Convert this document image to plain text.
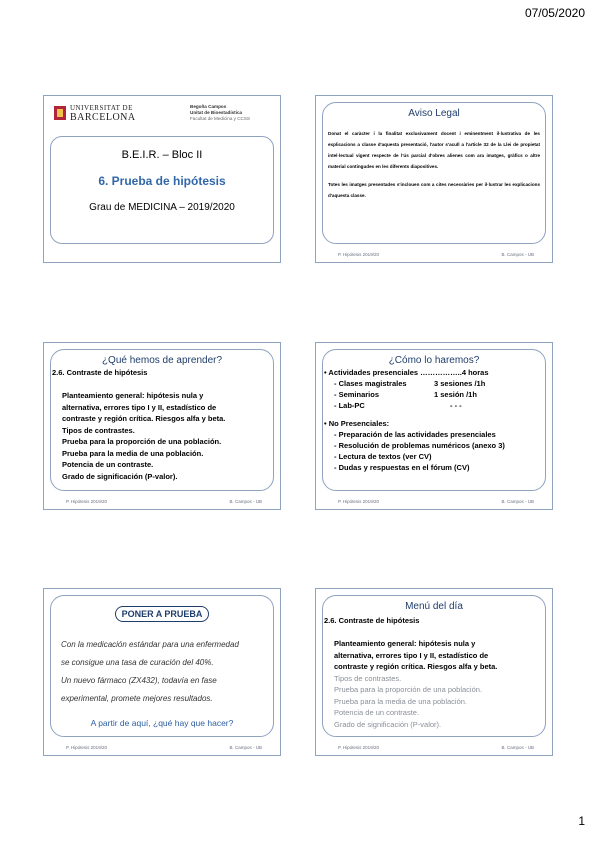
07/05/2020
UNIVERSITAT DE
BARCELONA
Begoña Campos
Unitat de Bioestadística
Facultat de Medicina y CCSS
B.E.I.R. – Bloc II
6. Prueba de hipótesis
Grau de MEDICINA – 2019/2020
Aviso Legal

Donat el caràcter i la finalitat exclusivament docent i eminentment il·lustrativa de les explicacions a classe d'aquesta presentació, l'autor s'acull a l'article 32 de la Llei de propietat intel·lectual vigent respecte de l'ús parcial d'obres alienes com ara imatges, gràfics o altre material contingudes en les diferents diapositives.

Totes les imatges presentades s'inclouen com a cites necessàries per il·lustrar les explicacions d'aquesta classe.

P. Hipótesis 2019/20	B. Campos - UB
¿Qué hemos de aprender?
2.6. Contraste de hipótesis
Planteamiento general: hipótesis nula y
alternativa, errores tipo I y II, estadístico de
contraste y región crítica. Riesgos alfa y beta.
Tipos de contrastes.
Prueba para la proporción de una población.
Prueba para la media de una población.
Potencia de un contraste.
Grado de significación (P-valor).
P. Hipótesis 2019/20	B. Campos - UB
¿Cómo lo haremos?
• Actividades presenciales ……………..4 horas
- Clases magistrales	3 sesiones /1h
- Seminarios	1 sesión /1h
- Lab-PC	- - -
• No Presenciales:
- Preparación de las actividades presenciales
- Resolución de problemas numéricos (anexo 3)
- Lectura de textos (ver CV)
- Dudas y respuestas en el fórum (CV)
P. Hipótesis 2019/20	B. Campos - UB
PONER A PRUEBA
Con la medicación estándar para una enfermedad
se consigue una tasa de curación del 40%.
Un nuevo fármaco (ZX432), todavía en fase
experimental, promete mejores resultados.
A partir de aquí, ¿qué hay que hacer?
P. Hipótesis 2019/20	B. Campos - UB
Menú del día
2.6. Contraste de hipótesis
Planteamiento general: hipótesis nula y
alternativa, errores tipo I y II, estadístico de
contraste y región crítica. Riesgos alfa y beta.
Tipos de contrastes.
Prueba para la proporción de una población.
Prueba para la media de una población.
Potencia de un contraste.
Grado de significación (P-valor).
P. Hipótesis 2019/20	B. Campos - UB
1
